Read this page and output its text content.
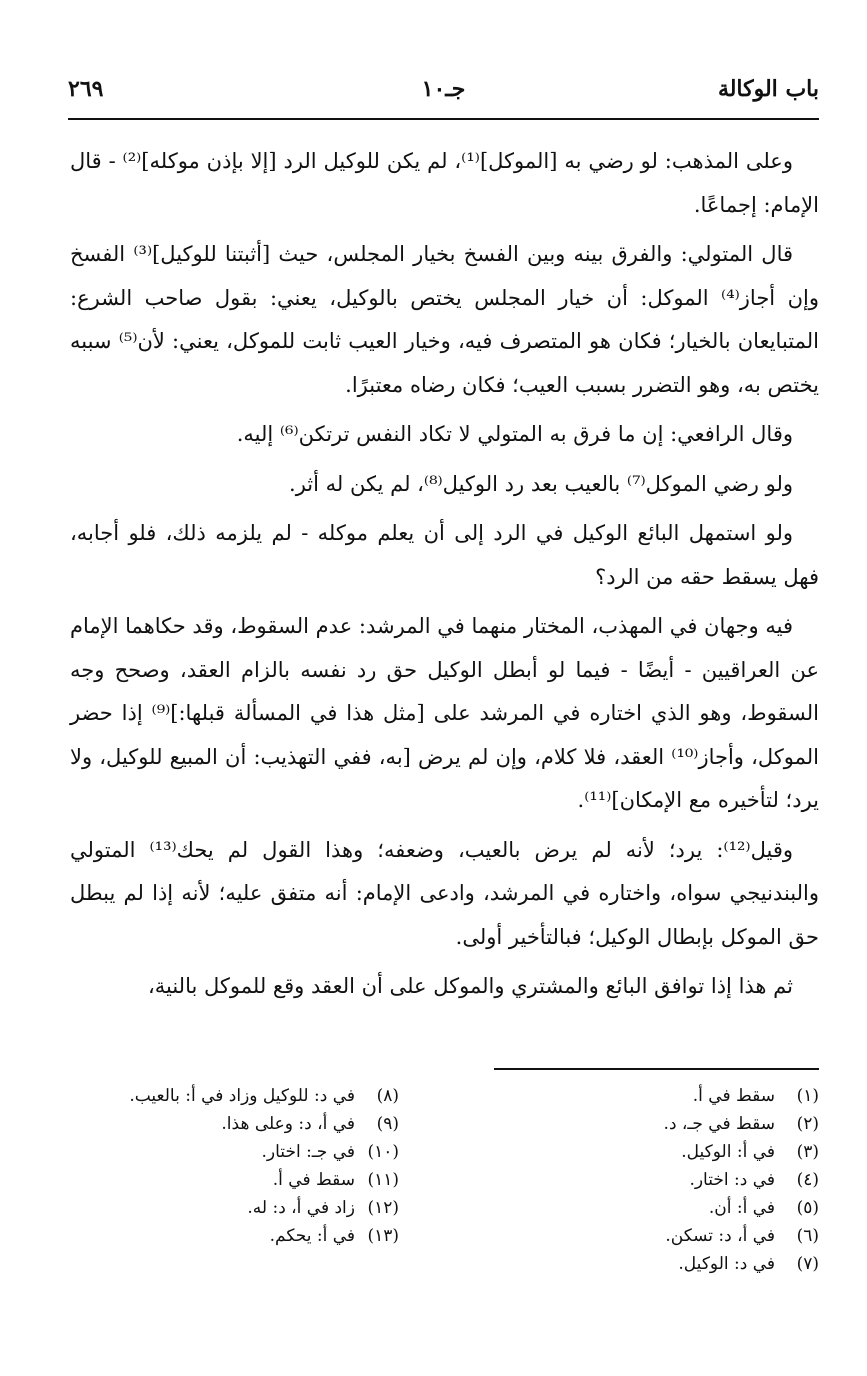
باب الوكالة
جـ١٠
٢٦٩

وعلى المذهب: لو رضي به [الموكل]⁽¹⁾، لم يكن للوكيل الرد [إلا بإذن موكله]⁽²⁾ - قال الإمام: إجماعًا.

قال المتولي: والفرق بينه وبين الفسخ بخيار المجلس، حيث [أثبتنا للوكيل]⁽³⁾ الفسخ وإن أجاز⁽⁴⁾ الموكل: أن خيار المجلس يختص بالوكيل، يعني: بقول صاحب الشرع: المتبايعان بالخيار؛ فكان هو المتصرف فيه، وخيار العيب ثابت للموكل، يعني: لأن⁽⁵⁾ سببه يختص به، وهو التضرر بسبب العيب؛ فكان رضاه معتبرًا.

وقال الرافعي: إن ما فرق به المتولي لا تكاد النفس ترتكن⁽⁶⁾ إليه.

ولو رضي الموكل⁽⁷⁾ بالعيب بعد رد الوكيل⁽⁸⁾، لم يكن له أثر.

ولو استمهل البائع الوكيل في الرد إلى أن يعلم موكله - لم يلزمه ذلك، فلو أجابه، فهل يسقط حقه من الرد؟

فيه وجهان في المهذب، المختار منهما في المرشد: عدم السقوط، وقد حكاهما الإمام عن العراقيين - أيضًا - فيما لو أبطل الوكيل حق رد نفسه بالزام العقد، وصحح وجه السقوط، وهو الذي اختاره في المرشد على [مثل هذا في المسألة قبلها:]⁽⁹⁾ إذا حضر الموكل، وأجاز⁽¹⁰⁾ العقد، فلا كلام، وإن لم يرض [به، ففي التهذيب: أن المبيع للوكيل، ولا يرد؛ لتأخيره مع الإمكان]⁽¹¹⁾.

وقيل⁽¹²⁾: يرد؛ لأنه لم يرض بالعيب، وضعفه؛ وهذا القول لم يحك⁽¹³⁾ المتولي والبندنيجي سواه، واختاره في المرشد، وادعى الإمام: أنه متفق عليه؛ لأنه إذا لم يبطل حق الموكل بإبطال الوكيل؛ فبالتأخير أولى.

ثم هذا إذا توافق البائع والمشتري والموكل على أن العقد وقع للموكل بالنية،

(١)سقط في أ.
(٢)سقط في جـ، د.
(٣)في أ: الوكيل.
(٤)في د: اختار.
(٥)في أ: أن.
(٦)في أ، د: تسكن.
(٧)في د: الوكيل.
(٨)في د: للوكيل وزاد في أ: بالعيب.
(٩)في أ، د: وعلى هذا.
(١٠)في جـ: اختار.
(١١)سقط في أ.
(١٢)زاد في أ، د: له.
(١٣)في أ: يحكم.
